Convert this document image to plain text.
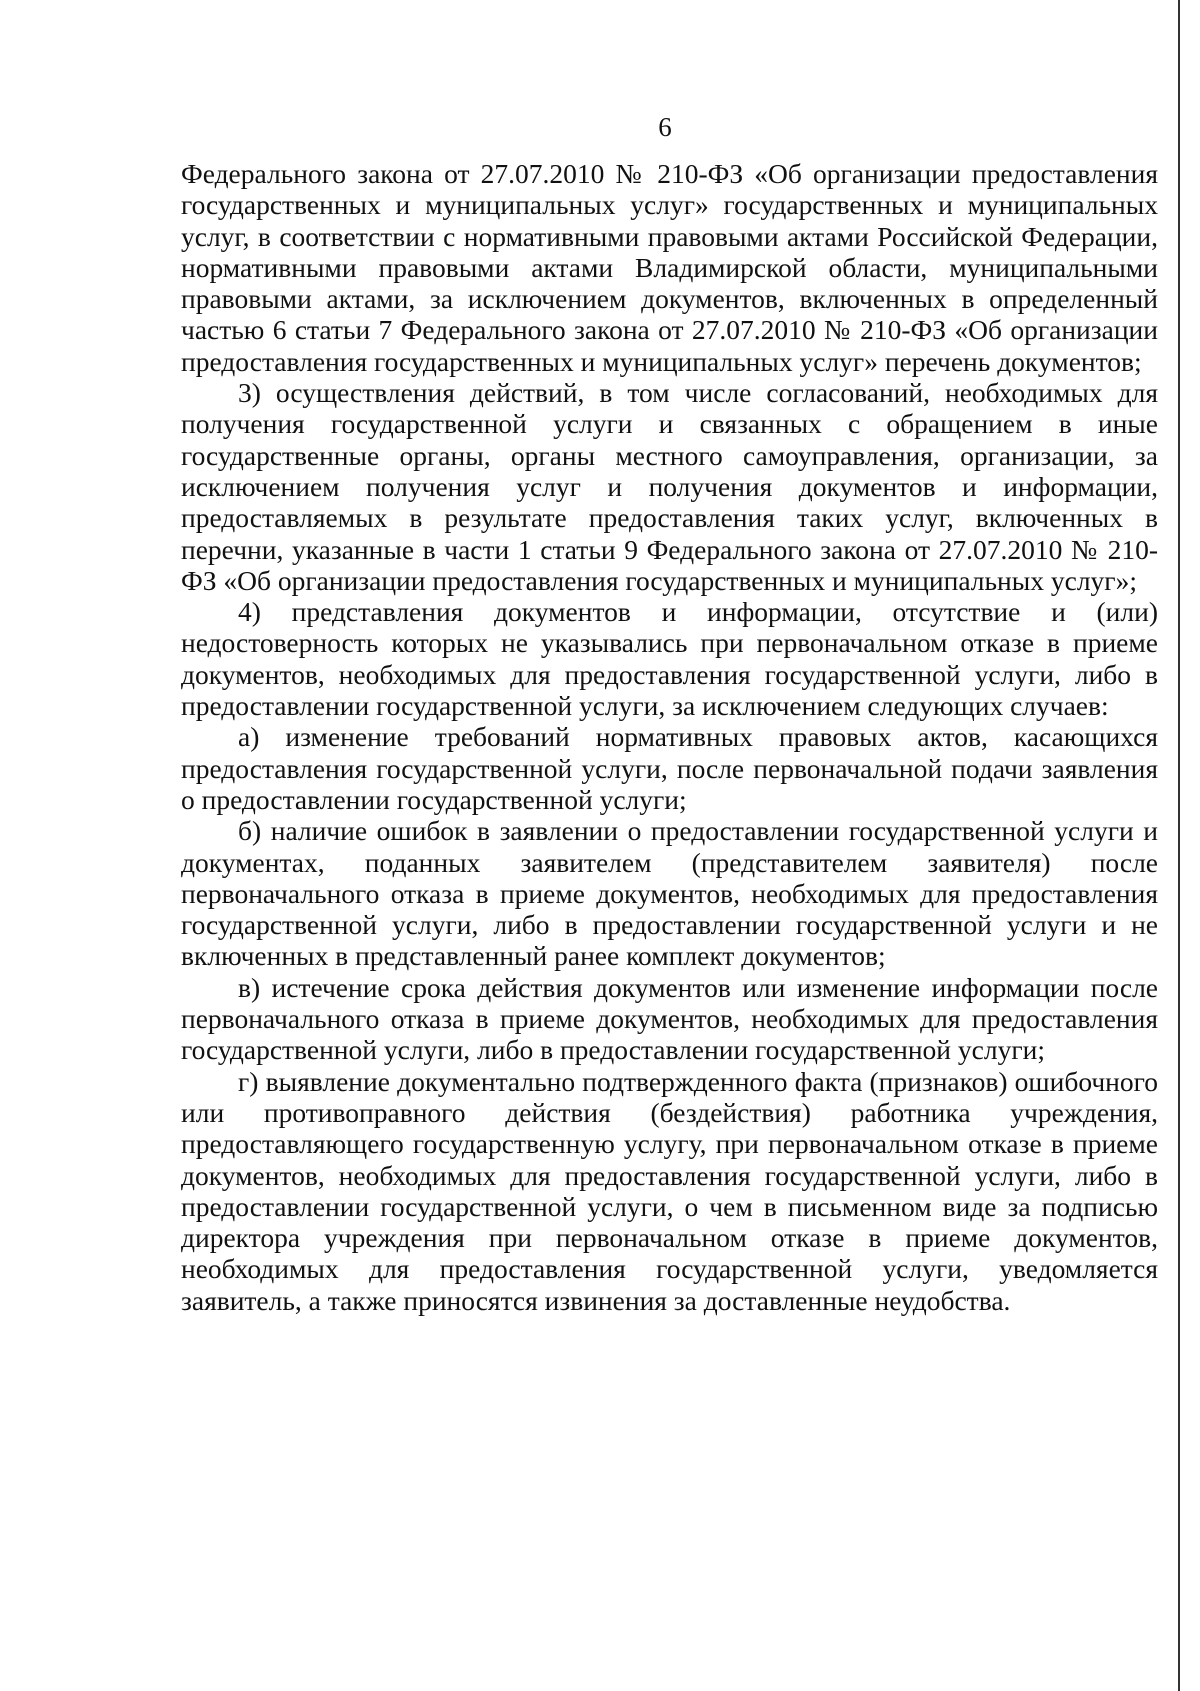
6

Федерального закона от 27.07.2010 № 210-ФЗ «Об организации предоставления государственных и муниципальных услуг» государственных и муниципальных услуг, в соответствии с нормативными правовыми актами Российской Федерации, нормативными правовыми актами Владимирской области, муниципальными правовыми актами, за исключением документов, включенных в определенный частью 6 статьи 7 Федерального закона от 27.07.2010 № 210-ФЗ «Об организации предоставления государственных и муниципальных услуг» перечень документов;

3) осуществления действий, в том числе согласований, необходимых для получения государственной услуги и связанных с обращением в иные государственные органы, органы местного самоуправления, организации, за исключением получения услуг и получения документов и информации, предоставляемых в результате предоставления таких услуг, включенных в перечни, указанные в части 1 статьи 9 Федерального закона от 27.07.2010 № 210-ФЗ «Об организации предоставления государственных и муниципальных услуг»;

4) представления документов и информации, отсутствие и (или) недостоверность которых не указывались при первоначальном отказе в приеме документов, необходимых для предоставления государственной услуги, либо в предоставлении государственной услуги, за исключением следующих случаев:

а) изменение требований нормативных правовых актов, касающихся предоставления государственной услуги, после первоначальной подачи заявления о предоставлении государственной услуги;

б) наличие ошибок в заявлении о предоставлении государственной услуги и документах, поданных заявителем (представителем заявителя) после первоначального отказа в приеме документов, необходимых для предоставления государственной услуги, либо в предоставлении государственной услуги и не включенных в представленный ранее комплект документов;

в) истечение срока действия документов или изменение информации после первоначального отказа в приеме документов, необходимых для предоставления государственной услуги, либо в предоставлении государственной услуги;

г) выявление документально подтвержденного факта (признаков) ошибочного или противоправного действия (бездействия) работника учреждения, предоставляющего государственную услугу, при первоначальном отказе в приеме документов, необходимых для предоставления государственной услуги, либо в предоставлении государственной услуги, о чем в письменном виде за подписью директора учреждения при первоначальном отказе в приеме документов, необходимых для предоставления государственной услуги, уведомляется заявитель, а также приносятся извинения за доставленные неудобства.
